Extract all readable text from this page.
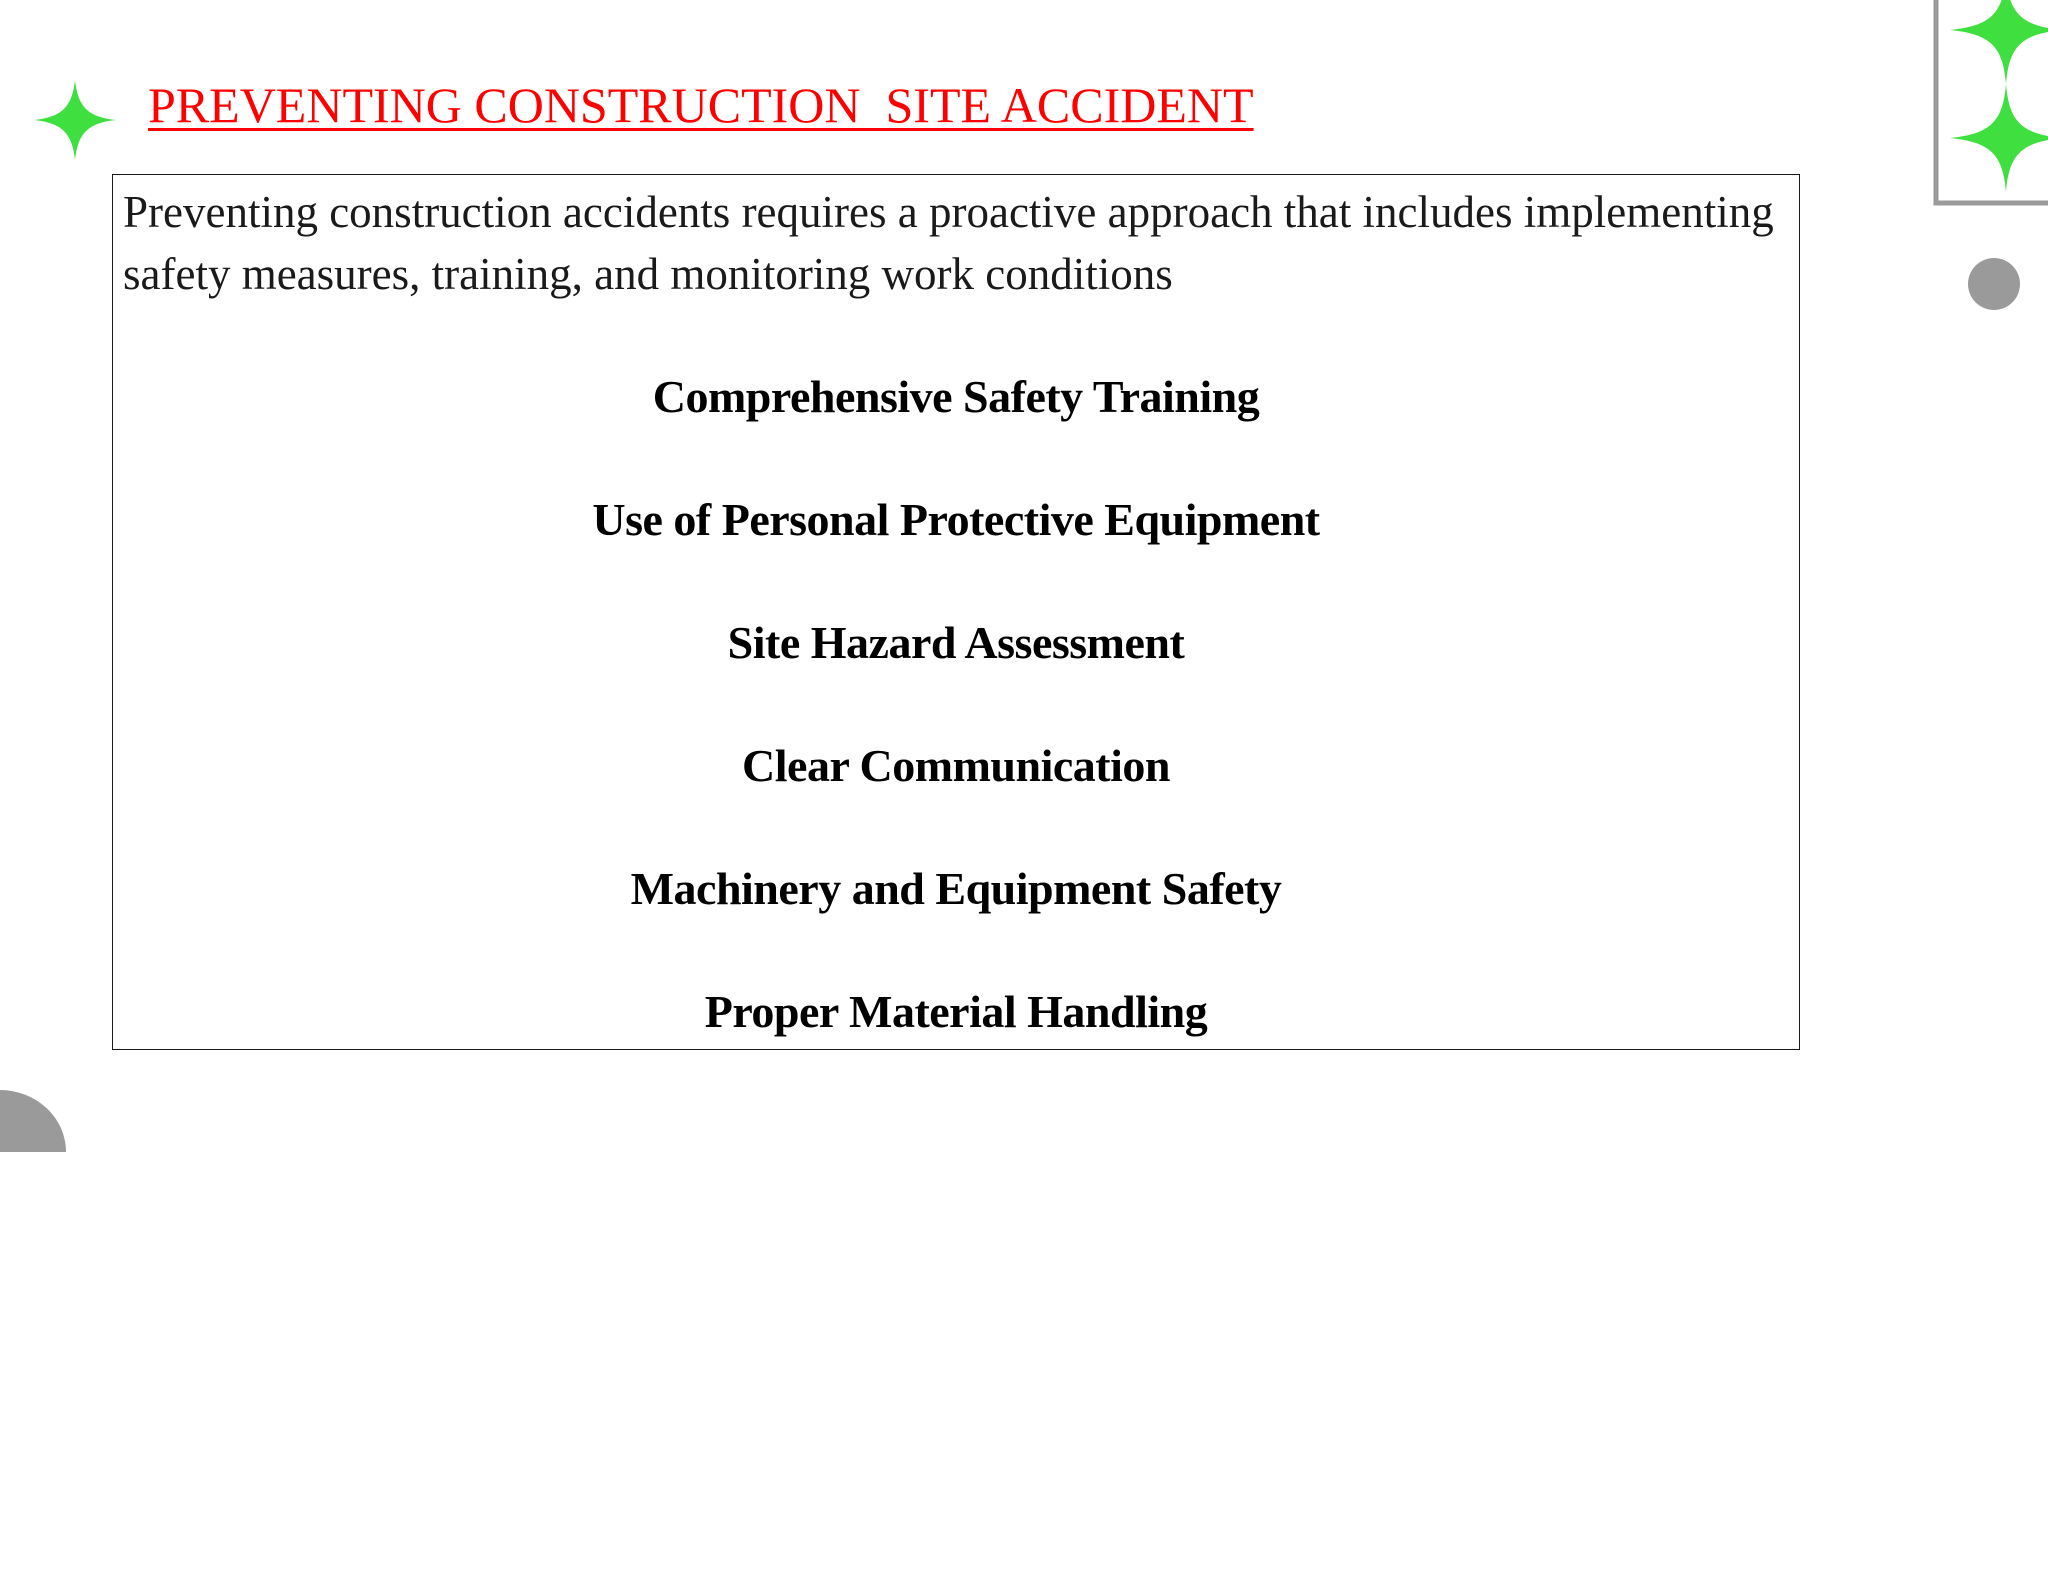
PREVENTING CONSTRUCTION  SITE ACCIDENT

Preventing construction accidents requires a proactive approach that includes implementing safety measures, training, and monitoring work conditions

Comprehensive Safety Training

Use of Personal Protective Equipment

Site Hazard Assessment

Clear Communication

Machinery and Equipment Safety

Proper Material Handling
